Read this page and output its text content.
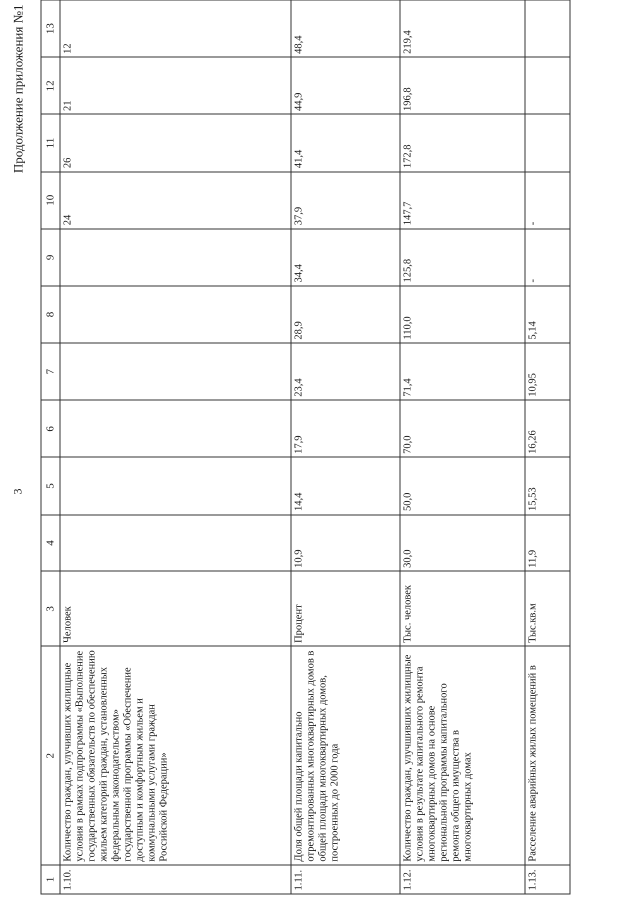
3
Продолжение приложения №1
1	2	3	4	5	6	7	8	9	10	11	12	13
1.10.	Количество граждан, улучивших жилищные условия в рамках подпрограммы «Выполнение государственных обязательств по обеспечению жильем категорий граждан, установленных федеральным законодательством» государственной программы «Обеспечение доступным и комфортным жильем и коммунальными услугами граждан Российской Федерации»	Человек							24	26	21	12
1.11.	Доля общей площади капитально отремонтированных многоквартирных домов в общей площади многоквартирных домов, построенных до 2000 года	Процент	10,9	14,4	17,9	23,4	28,9	34,4	37,9	41,4	44,9	48,4
1.12.	Количество граждан, улучшивших жилищные условия в результате капитального ремонта многоквартирных домов на основе региональной программы капитального ремонта общего имущества в многоквартирных домах	Тыс. человек	30,0	50,0	70,0	71,4	110,0	125,8	147,7	172,8	196,8	219,4
1.13.	Расселение аварийных жилых помещений в	Тыс.кв.м	11,9	15,53	16,26	10,95	5,14	-	-			
